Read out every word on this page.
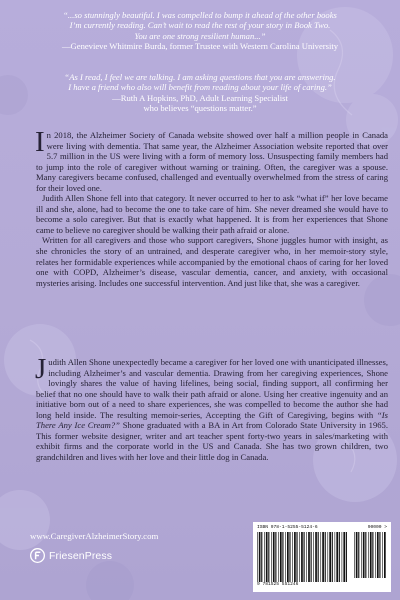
“...so stunningly beautiful. I was compelled to bump it ahead of the other books
I’m currently reading. Can’t wait to read the rest of your story in Book Two.
You are one strong resilient human...”
—Genevieve Whitmire Burda, former Trustee with Western Carolina University
“As I read, I feel we are talking. I am asking questions that you are answering.
I have a friend who also will benefit from reading about your life of caring.”
—Ruth A Hopkins, PhD, Adult Learning Specialist
who believes “questions matter.”

In 2018, the Alzheimer Society of Canada website showed over half a million people in Canada were living with dementia. That same year, the Alzheimer Association website reported that over 5.7 million in the US were living with a form of memory loss. Unsuspecting family members had to jump into the role of caregiver without warning or training. Often, the caregiver was a spouse. Many caregivers became confused, challenged and eventually overwhelmed from the stress of caring for their loved one.

Judith Allen Shone fell into that category. It never occurred to her to ask “what if” her love became ill and she, alone, had to become the one to take care of him. She never dreamed she would have to become a solo caregiver. But that is exactly what happened. It is from her experiences that Shone came to believe no caregiver should be walking their path afraid or alone.

Written for all caregivers and those who support caregivers, Shone juggles humor with insight, as she chronicles the story of an untrained, and desperate caregiver who, in her memoir-story style, relates her formidable experiences while accompanied by the emotional chaos of caring for her loved one with COPD, Alzheimer’s disease, vascular dementia, cancer, and anxiety, with occasional mysteries arising. Includes one successful intervention. And just like that, she was a caregiver.

Judith Allen Shone unexpectedly became a caregiver for her loved one with unanticipated illnesses, including Alzheimer’s and vascular dementia. Drawing from her caregiving experiences, Shone lovingly shares the value of having lifelines, being social, finding support, all confirming her belief that no one should have to walk their path afraid or alone. Using her creative ingenuity and an initiative born out of a need to share experiences, she was compelled to become the author she had long held inside. The resulting memoir-series, Accepting the Gift of Caregiving, begins with “Is There Any Ice Cream?” Shone graduated with a BA in Art from Colorado State University in 1965. This former website designer, writer and art teacher spent forty-two years in sales/marketing with exhibit firms and the corporate world in the US and Canada. She has two grown children, two grandchildren and lives with her love and their little dog in Canada.

www.CaregiverAlzheimerStory.com
FriesenPress
ISBN 978-1-5255-5124-6	90000 >
9 781525 551246
